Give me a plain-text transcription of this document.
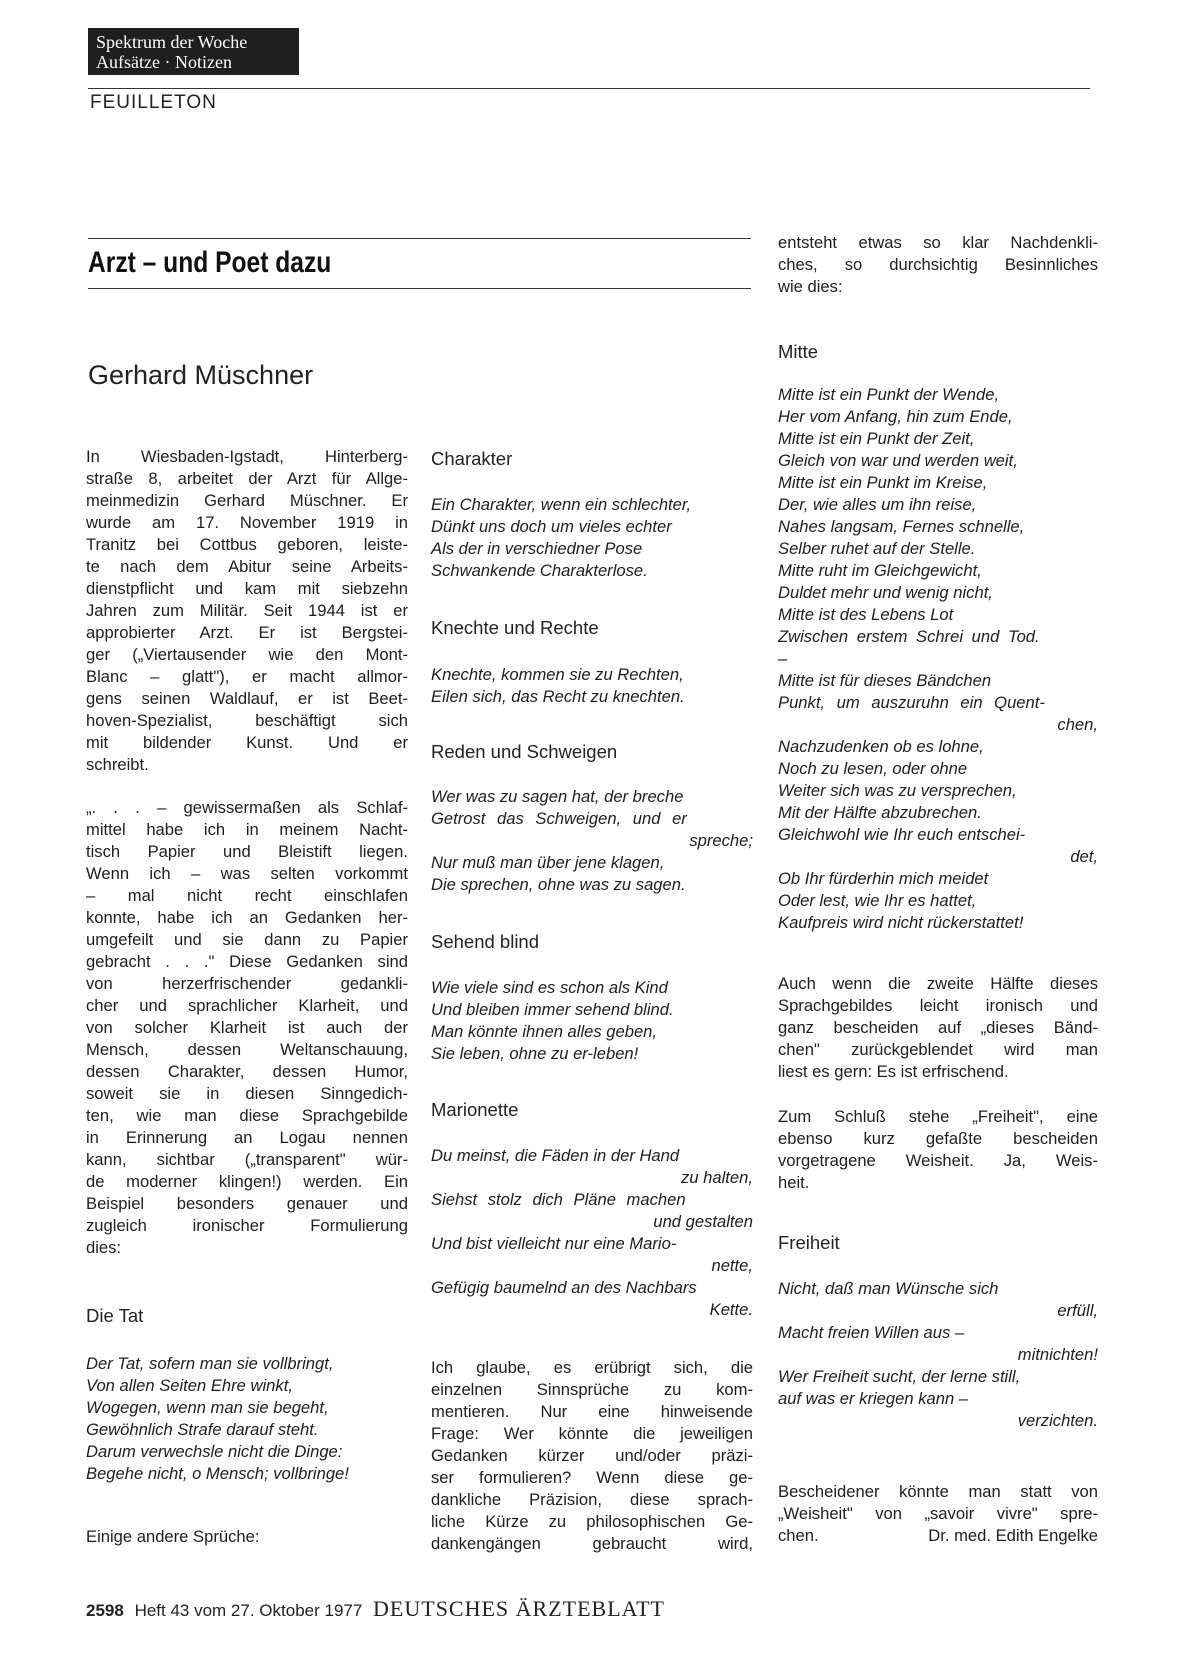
Spektrum der Woche
Aufsätze · Notizen
FEUILLETON
Arzt – und Poet dazu
Gerhard Müschner

In Wiesbaden-Igstadt, Hinterberg-

straße 8, arbeitet der Arzt für Allge-

meinmedizin Gerhard Müschner. Er

wurde am 17. November 1919 in

Tranitz bei Cottbus geboren, leiste-

te nach dem Abitur seine Arbeits-

dienstpflicht und kam mit siebzehn

Jahren zum Militär. Seit 1944 ist er

approbierter Arzt. Er ist Bergstei-

ger („Viertausender wie den Mont-

Blanc – glatt"), er macht allmor-

gens seinen Waldlauf, er ist Beet-

hoven-Spezialist, beschäftigt sich

mit bildender Kunst. Und er

schreibt.

„. . . – gewissermaßen als Schlaf-

mittel habe ich in meinem Nacht-

tisch Papier und Bleistift liegen.

Wenn ich – was selten vorkommt

– mal nicht recht einschlafen

konnte, habe ich an Gedanken her-

umgefeilt und sie dann zu Papier

gebracht . . ." Diese Gedanken sind

von herzerfrischender gedankli-

cher und sprachlicher Klarheit, und

von solcher Klarheit ist auch der

Mensch, dessen Weltanschauung,

dessen Charakter, dessen Humor,

soweit sie in diesen Sinngedich-

ten, wie man diese Sprachgebilde

in Erinnerung an Logau nennen

kann, sichtbar („transparent" wür-

de moderner klingen!) werden. Ein

Beispiel besonders genauer und

zugleich ironischer Formulierung

dies:

Die Tat
Der Tat, sofern man sie vollbringt,
Von allen Seiten Ehre winkt,
Wogegen, wenn man sie begeht,
Gewöhnlich Strafe darauf steht.
Darum verwechsle nicht die Dinge:
Begehe nicht, o Mensch; vollbringe!
Einige andere Sprüche:
Charakter
Ein Charakter, wenn ein schlechter,
Dünkt uns doch um vieles echter
Als der in verschiedner Pose
Schwankende Charakterlose.
Knechte und Rechte
Knechte, kommen sie zu Rechten,
Eilen sich, das Recht zu knechten.
Reden und Schweigen
Wer was zu sagen hat, der breche
Getrost das Schweigen, und er
spreche;
Nur muß man über jene klagen,
Die sprechen, ohne was zu sagen.
Sehend blind
Wie viele sind es schon als Kind
Und bleiben immer sehend blind.
Man könnte ihnen alles geben,
Sie leben, ohne zu er-leben!
Marionette
Du meinst, die Fäden in der Hand
zu halten,
Siehst stolz dich Pläne machen
und gestalten
Und bist vielleicht nur eine Mario-
nette,
Gefügig baumelnd an des Nachbars
Kette.

Ich glaube, es erübrigt sich, die

einzelnen Sinnsprüche zu kom-

mentieren. Nur eine hinweisende

Frage: Wer könnte die jeweiligen

Gedanken kürzer und/oder präzi-

ser formulieren? Wenn diese ge-

dankliche Präzision, diese sprach-

liche Kürze zu philosophischen Ge-

dankengängen gebraucht wird,

entsteht etwas so klar Nachdenkli-

ches, so durchsichtig Besinnliches

wie dies:

Mitte
Mitte ist ein Punkt der Wende,
Her vom Anfang, hin zum Ende,
Mitte ist ein Punkt der Zeit,
Gleich von war und werden weit,
Mitte ist ein Punkt im Kreise,
Der, wie alles um ihn reise,
Nahes langsam, Fernes schnelle,
Selber ruhet auf der Stelle.
Mitte ruht im Gleichgewicht,
Duldet mehr und wenig nicht,
Mitte ist des Lebens Lot
Zwischen erstem Schrei und Tod.
–
Mitte ist für dieses Bändchen
Punkt, um auszuruhn ein Quent-
chen,
Nachzudenken ob es lohne,
Noch zu lesen, oder ohne
Weiter sich was zu versprechen,
Mit der Hälfte abzubrechen.
Gleichwohl wie Ihr euch entschei-
det,
Ob Ihr fürderhin mich meidet
Oder lest, wie Ihr es hattet,
Kaufpreis wird nicht rückerstattet!

Auch wenn die zweite Hälfte dieses

Sprachgebildes leicht ironisch und

ganz bescheiden auf „dieses Bänd-

chen" zurückgeblendet wird man

liest es gern: Es ist erfrischend.

Zum Schluß stehe „Freiheit", eine

ebenso kurz gefaßte bescheiden

vorgetragene Weisheit. Ja, Weis-

heit.

Freiheit
Nicht, daß man Wünsche sich
erfüll,
Macht freien Willen aus –
mitnichten!
Wer Freiheit sucht, der lerne still,
auf was er kriegen kann –
verzichten.

Bescheidener könnte man statt von

„Weisheit" von „savoir vivre" spre-

chen.	Dr. med. Edith Engelke
2598 Heft 43 vom 27. Oktober 1977 DEUTSCHES ÄRZTEBLATT
